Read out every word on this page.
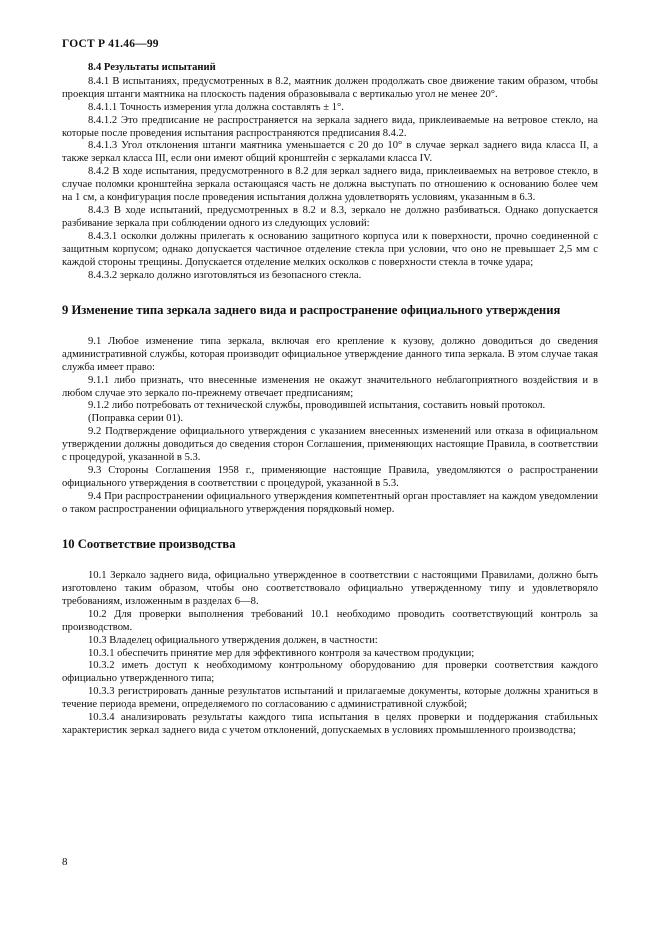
ГОСТ Р 41.46—99
8.4 Результаты испытаний

8.4.1 В испытаниях, предусмотренных в 8.2, маятник должен продолжать свое движение таким образом, чтобы проекция штанги маятника на плоскость падения образовывала с вертикалью угол не менее 20°.

8.4.1.1 Точность измерения угла должна составлять ± 1°.

8.4.1.2 Это предписание не распространяется на зеркала заднего вида, приклеиваемые на ветровое стекло, на которые после проведения испытания распространяются предписания 8.4.2.

8.4.1.3 Угол отклонения штанги маятника уменьшается с 20 до 10° в случае зеркал заднего вида класса II, а также зеркал класса III, если они имеют общий кронштейн с зеркалами класса IV.

8.4.2 В ходе испытания, предусмотренного в 8.2 для зеркал заднего вида, приклеиваемых на ветровое стекло, в случае поломки кронштейна зеркала остающаяся часть не должна выступать по отношению к основанию более чем на 1 см, а конфигурация после проведения испытания должна удовлетворять условиям, указанным в 6.3.

8.4.3 В ходе испытаний, предусмотренных в 8.2 и 8.3, зеркало не должно разбиваться. Однако допускается разбивание зеркала при соблюдении одного из следующих условий:

8.4.3.1 осколки должны прилегать к основанию защитного корпуса или к поверхности, прочно соединенной с защитным корпусом; однако допускается частичное отделение стекла при условии, что оно не превышает 2,5 мм с каждой стороны трещины. Допускается отделение мелких осколков с поверхности стекла в точке удара;

8.4.3.2 зеркало должно изготовляться из безопасного стекла.

9 Изменение типа зеркала заднего вида и распространение официального утверждения

9.1 Любое изменение типа зеркала, включая его крепление к кузову, должно доводиться до сведения административной службы, которая производит официальное утверждение данного типа зеркала. В этом случае такая служба имеет право:

9.1.1 либо признать, что внесенные изменения не окажут значительного неблагоприятного воздействия и в любом случае это зеркало по-прежнему отвечает предписаниям;

9.1.2 либо потребовать от технической службы, проводившей испытания, составить новый протокол.

(Поправка серии 01).

9.2 Подтверждение официального утверждения с указанием внесенных изменений или отказа в официальном утверждении должны доводиться до сведения сторон Соглашения, применяющих настоящие Правила, в соответствии с процедурой, указанной в 5.3.

9.3 Стороны Соглашения 1958 г., применяющие настоящие Правила, уведомляются о распространении официального утверждения в соответствии с процедурой, указанной в 5.3.

9.4 При распространении официального утверждения компетентный орган проставляет на каждом уведомлении о таком распространении официального утверждения порядковый номер.

10 Соответствие производства

10.1 Зеркало заднего вида, официально утвержденное в соответствии с настоящими Правилами, должно быть изготовлено таким образом, чтобы оно соответствовало официально утвержденному типу и удовлетворяло требованиям, изложенным в разделах 6—8.

10.2 Для проверки выполнения требований 10.1 необходимо проводить соответствующий контроль за производством.

10.3 Владелец официального утверждения должен, в частности:

10.3.1 обеспечить принятие мер для эффективного контроля за качеством продукции;

10.3.2 иметь доступ к необходимому контрольному оборудованию для проверки соответствия каждого официально утвержденного типа;

10.3.3 регистрировать данные результатов испытаний и прилагаемые документы, которые должны храниться в течение периода времени, определяемого по согласованию с административной службой;

10.3.4 анализировать результаты каждого типа испытания в целях проверки и поддержания стабильных характеристик зеркал заднего вида с учетом отклонений, допускаемых в условиях промышленного производства;

8
